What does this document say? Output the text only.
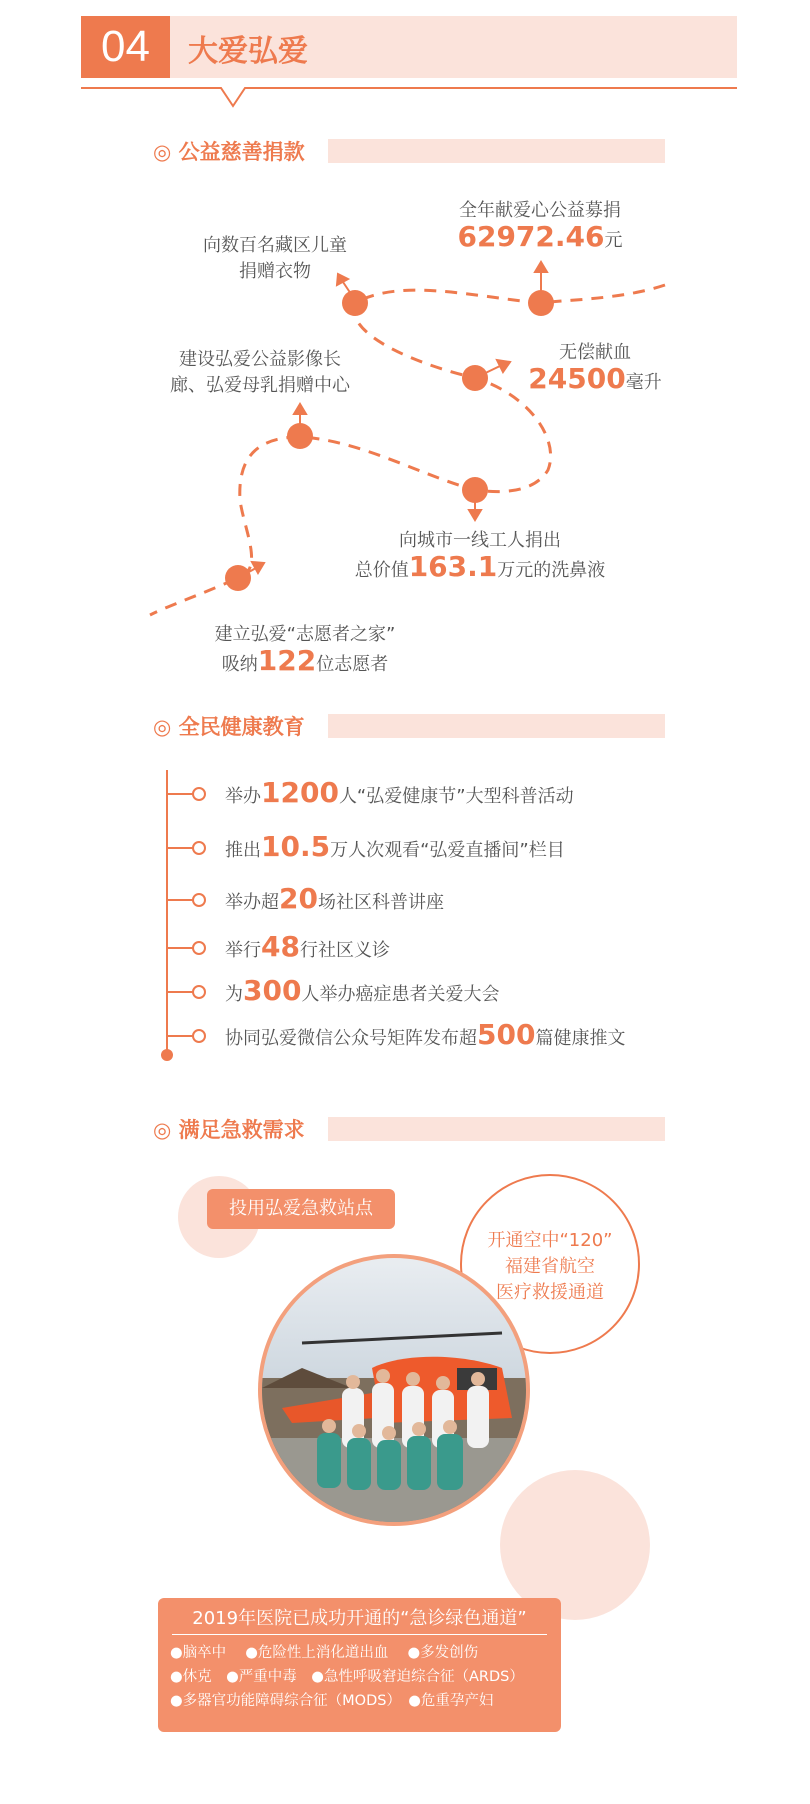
04	大爱弘爱
◎ 公益慈善捐款
全年献爱心公益募捐
62972.46元
向数百名藏区儿童
捐赠衣物
无偿献血
24500毫升
建设弘爱公益影像长
廊、弘爱母乳捐赠中心
向城市一线工人捐出
总价值163.1万元的洗鼻液
建立弘爱“志愿者之家”
吸纳122位志愿者
◎ 全民健康教育
举办1200人“弘爱健康节”大型科普活动
推出10.5万人次观看“弘爱直播间”栏目
举办超20场社区科普讲座
举行48行社区义诊
为300人举办癌症患者关爱大会
协同弘爱微信公众号矩阵发布超500篇健康推文
◎ 满足急救需求
投用弘爱急救站点
开通空中“120”
福建省航空
医疗救援通道
2019年医院已成功开通的“急诊绿色通道”
●脑卒中　 ●危险性上消化道出血　 ●多发创伤
●休克　●严重中毒　●急性呼吸窘迫综合征（ARDS）
●多器官功能障碍综合征（MODS）　●危重孕产妇
